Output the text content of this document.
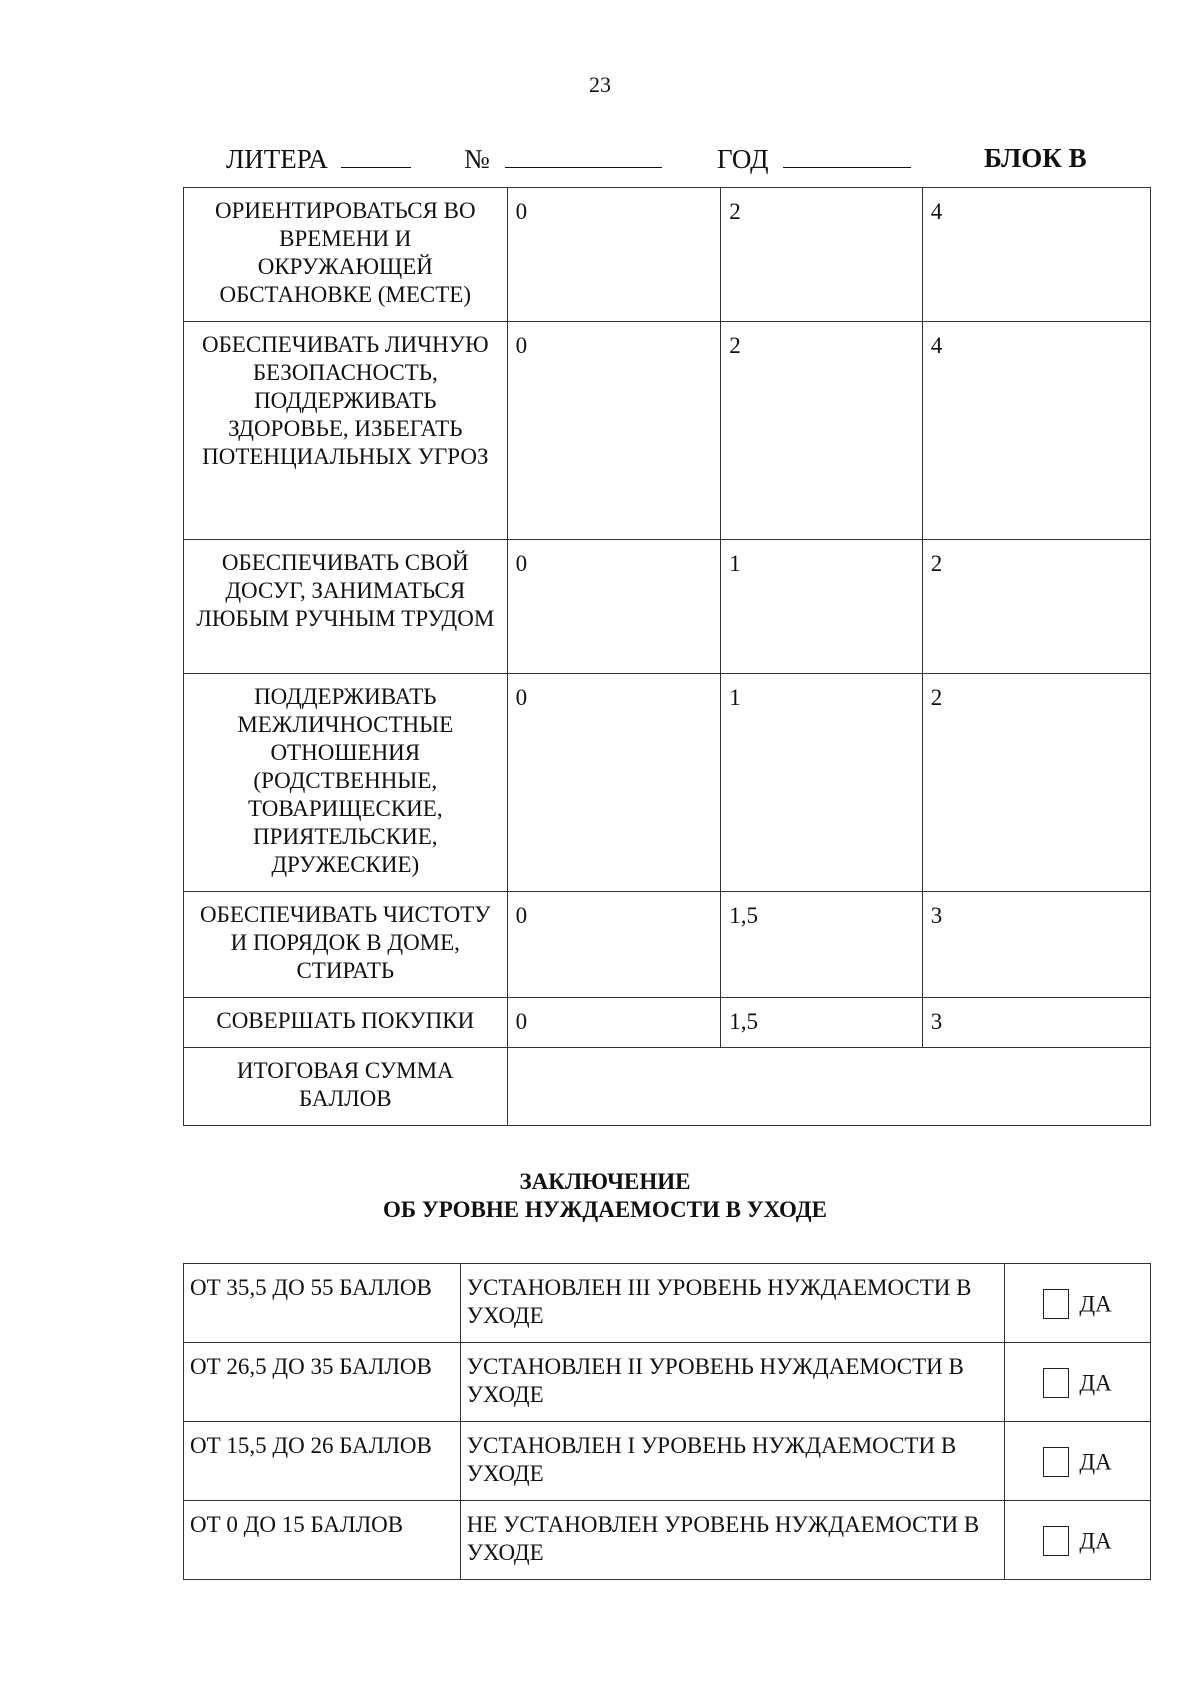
23
ЛИТЕРА	№	ГОД	БЛОК В
ОРИЕНТИРОВАТЬСЯ ВО ВРЕМЕНИ И ОКРУЖАЮЩЕЙ ОБСТАНОВКЕ (МЕСТЕ)	0	2	4
ОБЕСПЕЧИВАТЬ ЛИЧНУЮ БЕЗОПАСНОСТЬ, ПОДДЕРЖИВАТЬ ЗДОРОВЬЕ, ИЗБЕГАТЬ ПОТЕНЦИАЛЬНЫХ УГРОЗ	0	2	4
ОБЕСПЕЧИВАТЬ СВОЙ ДОСУГ, ЗАНИМАТЬСЯ ЛЮБЫМ РУЧНЫМ ТРУДОМ	0	1	2
ПОДДЕРЖИВАТЬ МЕЖЛИЧНОСТНЫЕ ОТНОШЕНИЯ (РОДСТВЕННЫЕ, ТОВАРИЩЕСКИЕ, ПРИЯТЕЛЬСКИЕ, ДРУЖЕСКИЕ)	0	1	2
ОБЕСПЕЧИВАТЬ ЧИСТОТУ И ПОРЯДОК В ДОМЕ, СТИРАТЬ	0	1,5	3
СОВЕРШАТЬ ПОКУПКИ	0	1,5	3
ИТОГОВАЯ СУММА БАЛЛОВ			
ЗАКЛЮЧЕНИЕ
ОБ УРОВНЕ НУЖДАЕМОСТИ В УХОДЕ
ОТ 35,5 ДО 55 БАЛЛОВ	УСТАНОВЛЕН III УРОВЕНЬ НУЖДАЕМОСТИ В УХОДЕ	ДА
ОТ 26,5 ДО 35 БАЛЛОВ	УСТАНОВЛЕН II УРОВЕНЬ НУЖДАЕМОСТИ В УХОДЕ	ДА
ОТ 15,5 ДО 26 БАЛЛОВ	УСТАНОВЛЕН I УРОВЕНЬ НУЖДАЕМОСТИ В УХОДЕ	ДА
ОТ 0 ДО 15 БАЛЛОВ	НЕ УСТАНОВЛЕН УРОВЕНЬ НУЖДАЕМОСТИ В УХОДЕ	ДА
